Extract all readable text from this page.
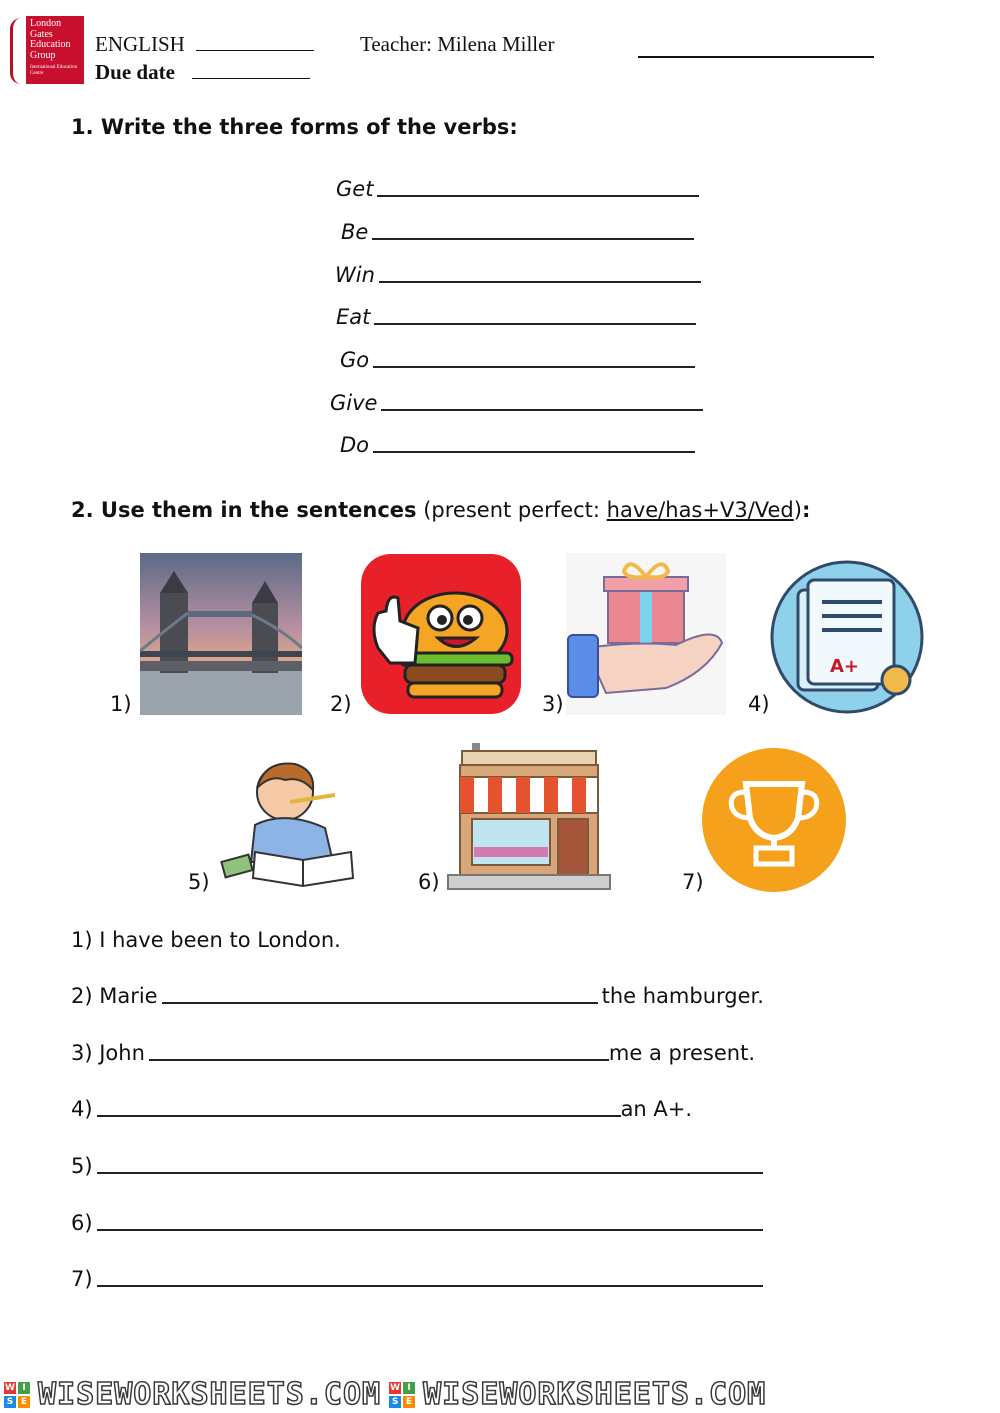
London Gates Education Group
International Education Centre
ENGLISH
Due date
Teacher: Milena Miller
1. Write the three forms of the verbs:
Get
Be
Win
Eat
Go
Give
Do
2. Use them in the sentences (present perfect: have/has+V3/Ved):
1)	2)	3)	4)
A+
5)	6)	7)
1) I have been to London.
2) Marie	the hamburger.
3) John	me a present.
4)	an A+.
5)
6)
7)
W I
S E WISEWORKSHEETS.COM W I
S E WISEWORKSHEETS.COM
